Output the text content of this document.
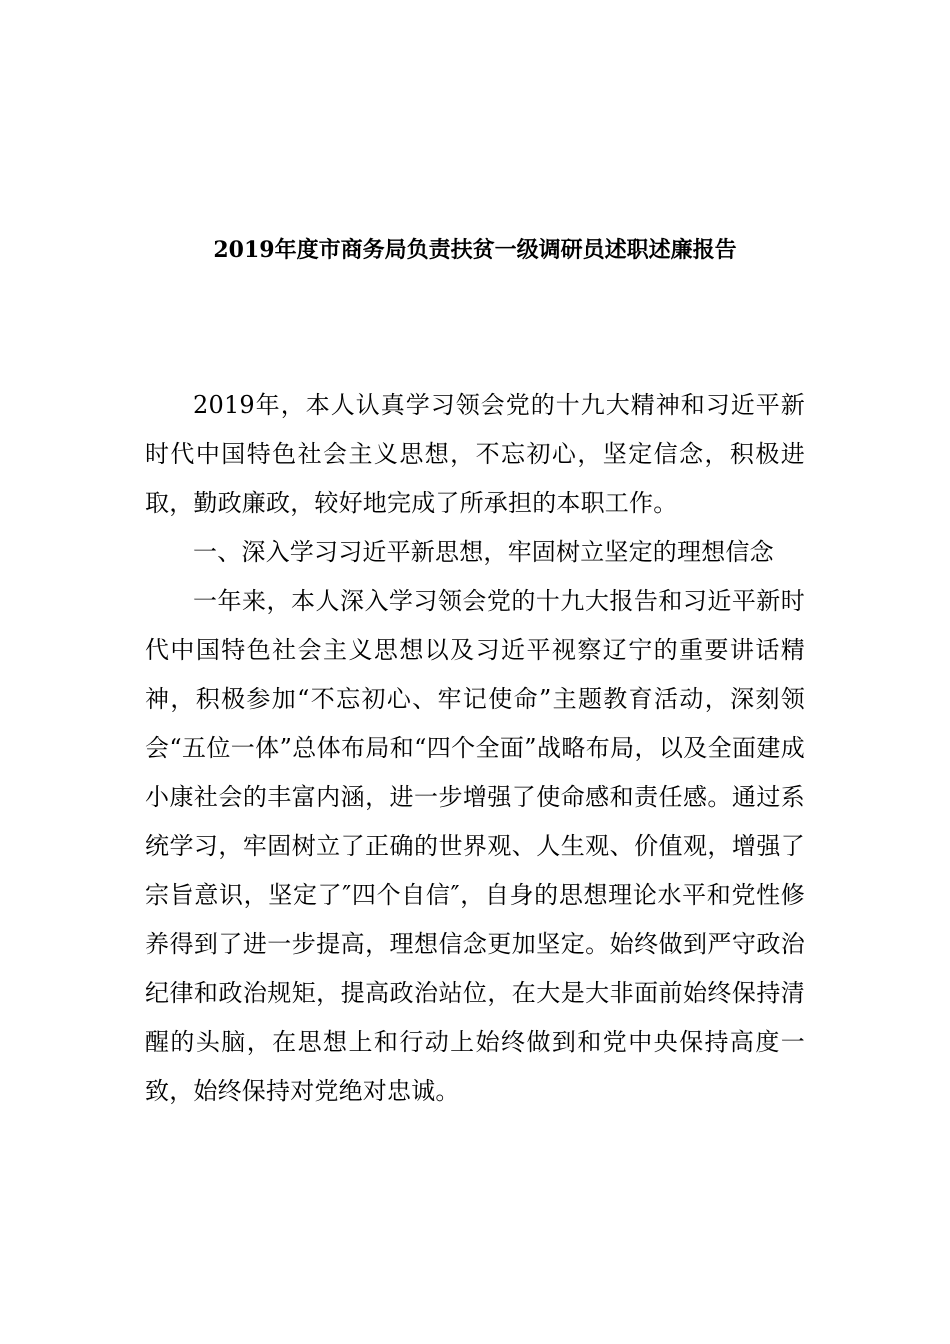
2019年度市商务局负责扶贫一级调研员述职述廉报告

2019年，本人认真学习领会党的十九大精神和习近平新时代中国特色社会主义思想，不忘初心，坚定信念，积极进取，勤政廉政，较好地完成了所承担的本职工作。

一、深入学习习近平新思想，牢固树立坚定的理想信念

一年来，本人深入学习领会党的十九大报告和习近平新时代中国特色社会主义思想以及习近平视察辽宁的重要讲话精神，积极参加“不忘初心、牢记使命”主题教育活动，深刻领会“五位一体”总体布局和“四个全面”战略布局，以及全面建成小康社会的丰富内涵，进一步增强了使命感和责任感。通过系统学习，牢固树立了正确的世界观、人生观、价值观，增强了宗旨意识，坚定了″四个自信″，自身的思想理论水平和党性修养得到了进一步提高，理想信念更加坚定。始终做到严守政治纪律和政治规矩，提高政治站位，在大是大非面前始终保持清醒的头脑，在思想上和行动上始终做到和党中央保持高度一致，始终保持对党绝对忠诚。
